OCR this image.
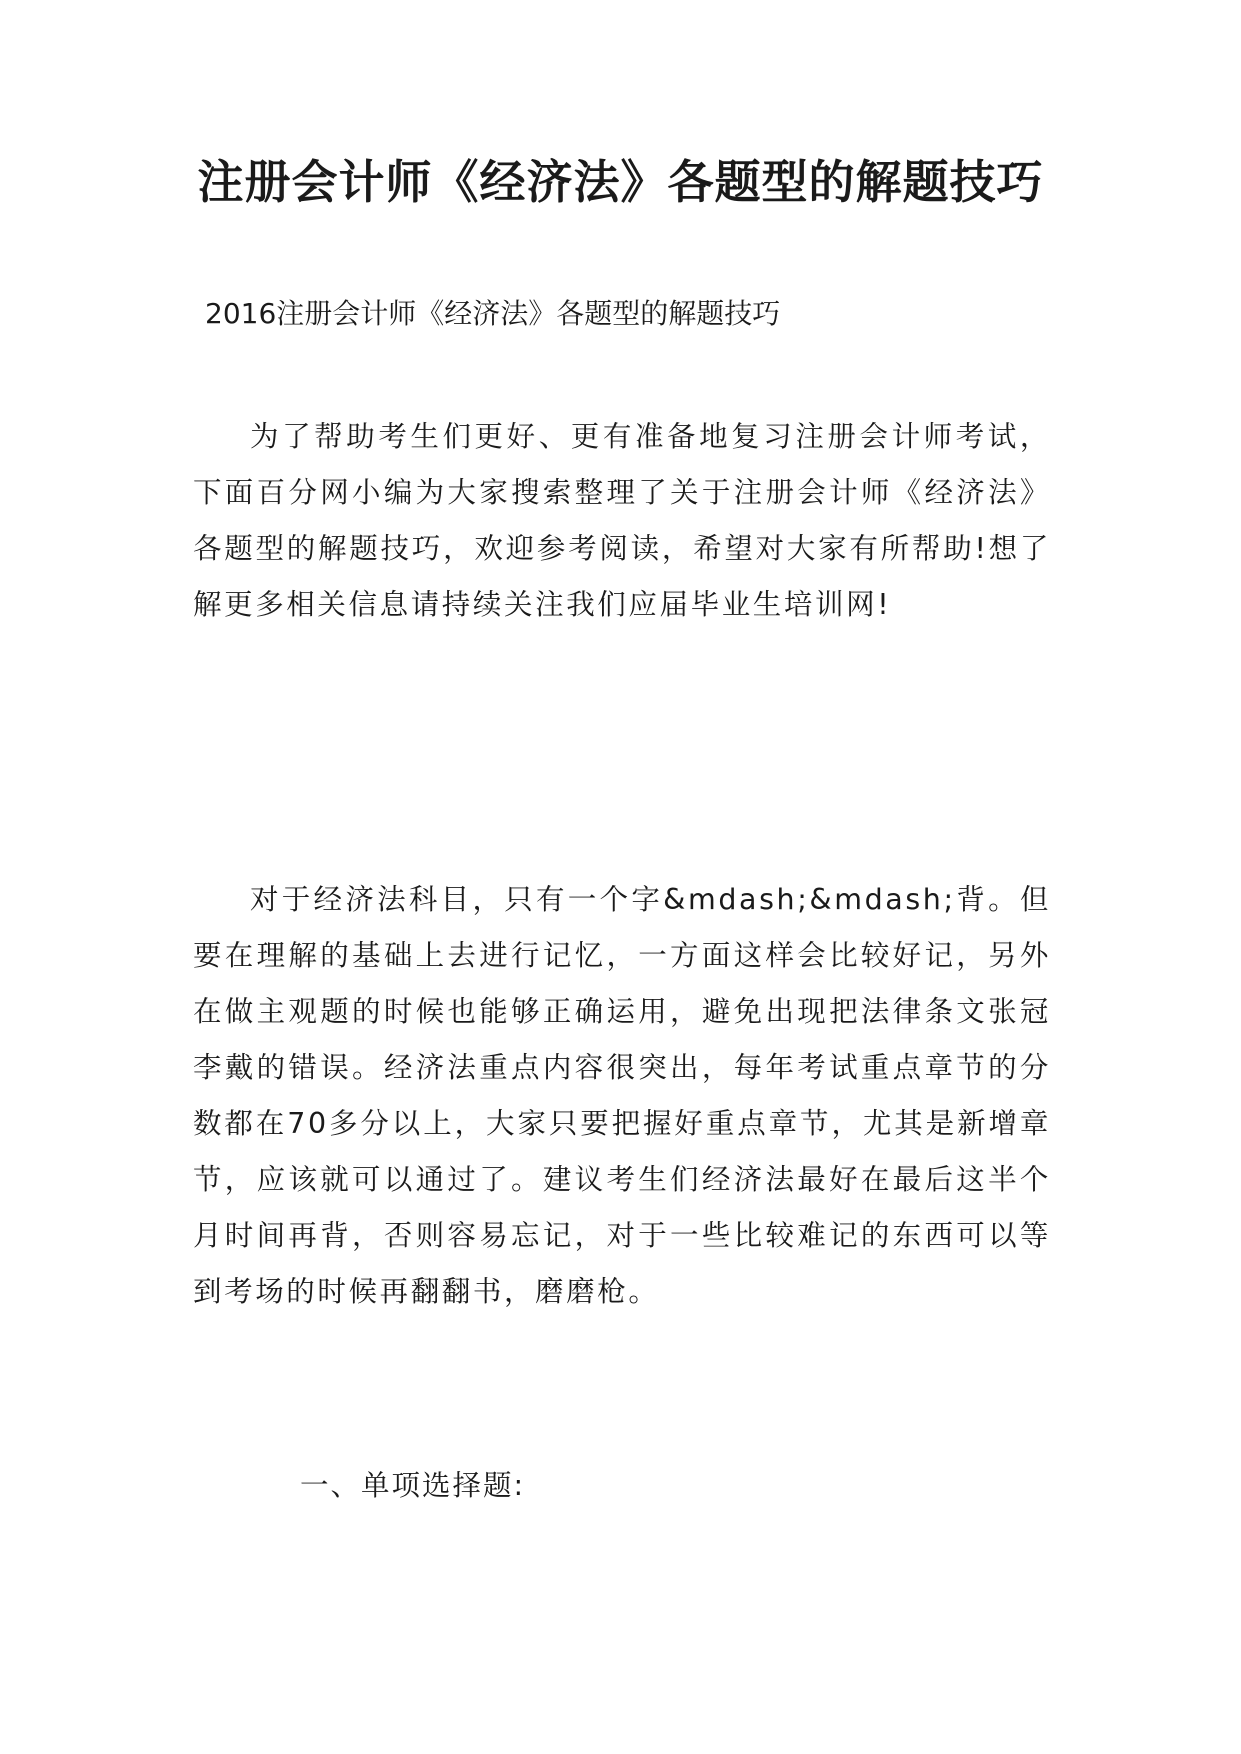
注册会计师《经济法》各题型的解题技巧

2016注册会计师《经济法》各题型的解题技巧

为了帮助考生们更好、更有准备地复习注册会计师考试，下面百分网小编为大家搜索整理了关于注册会计师《经济法》各题型的解题技巧，欢迎参考阅读，希望对大家有所帮助!想了解更多相关信息请持续关注我们应届毕业生培训网!

对于经济法科目，只有一个字&mdash;&mdash;背。但要在理解的基础上去进行记忆，一方面这样会比较好记，另外在做主观题的时候也能够正确运用，避免出现把法律条文张冠李戴的错误。经济法重点内容很突出，每年考试重点章节的分数都在70多分以上，大家只要把握好重点章节，尤其是新增章节，应该就可以通过了。建议考生们经济法最好在最后这半个月时间再背，否则容易忘记，对于一些比较难记的东西可以等到考场的时候再翻翻书，磨磨枪。

一、单项选择题:
